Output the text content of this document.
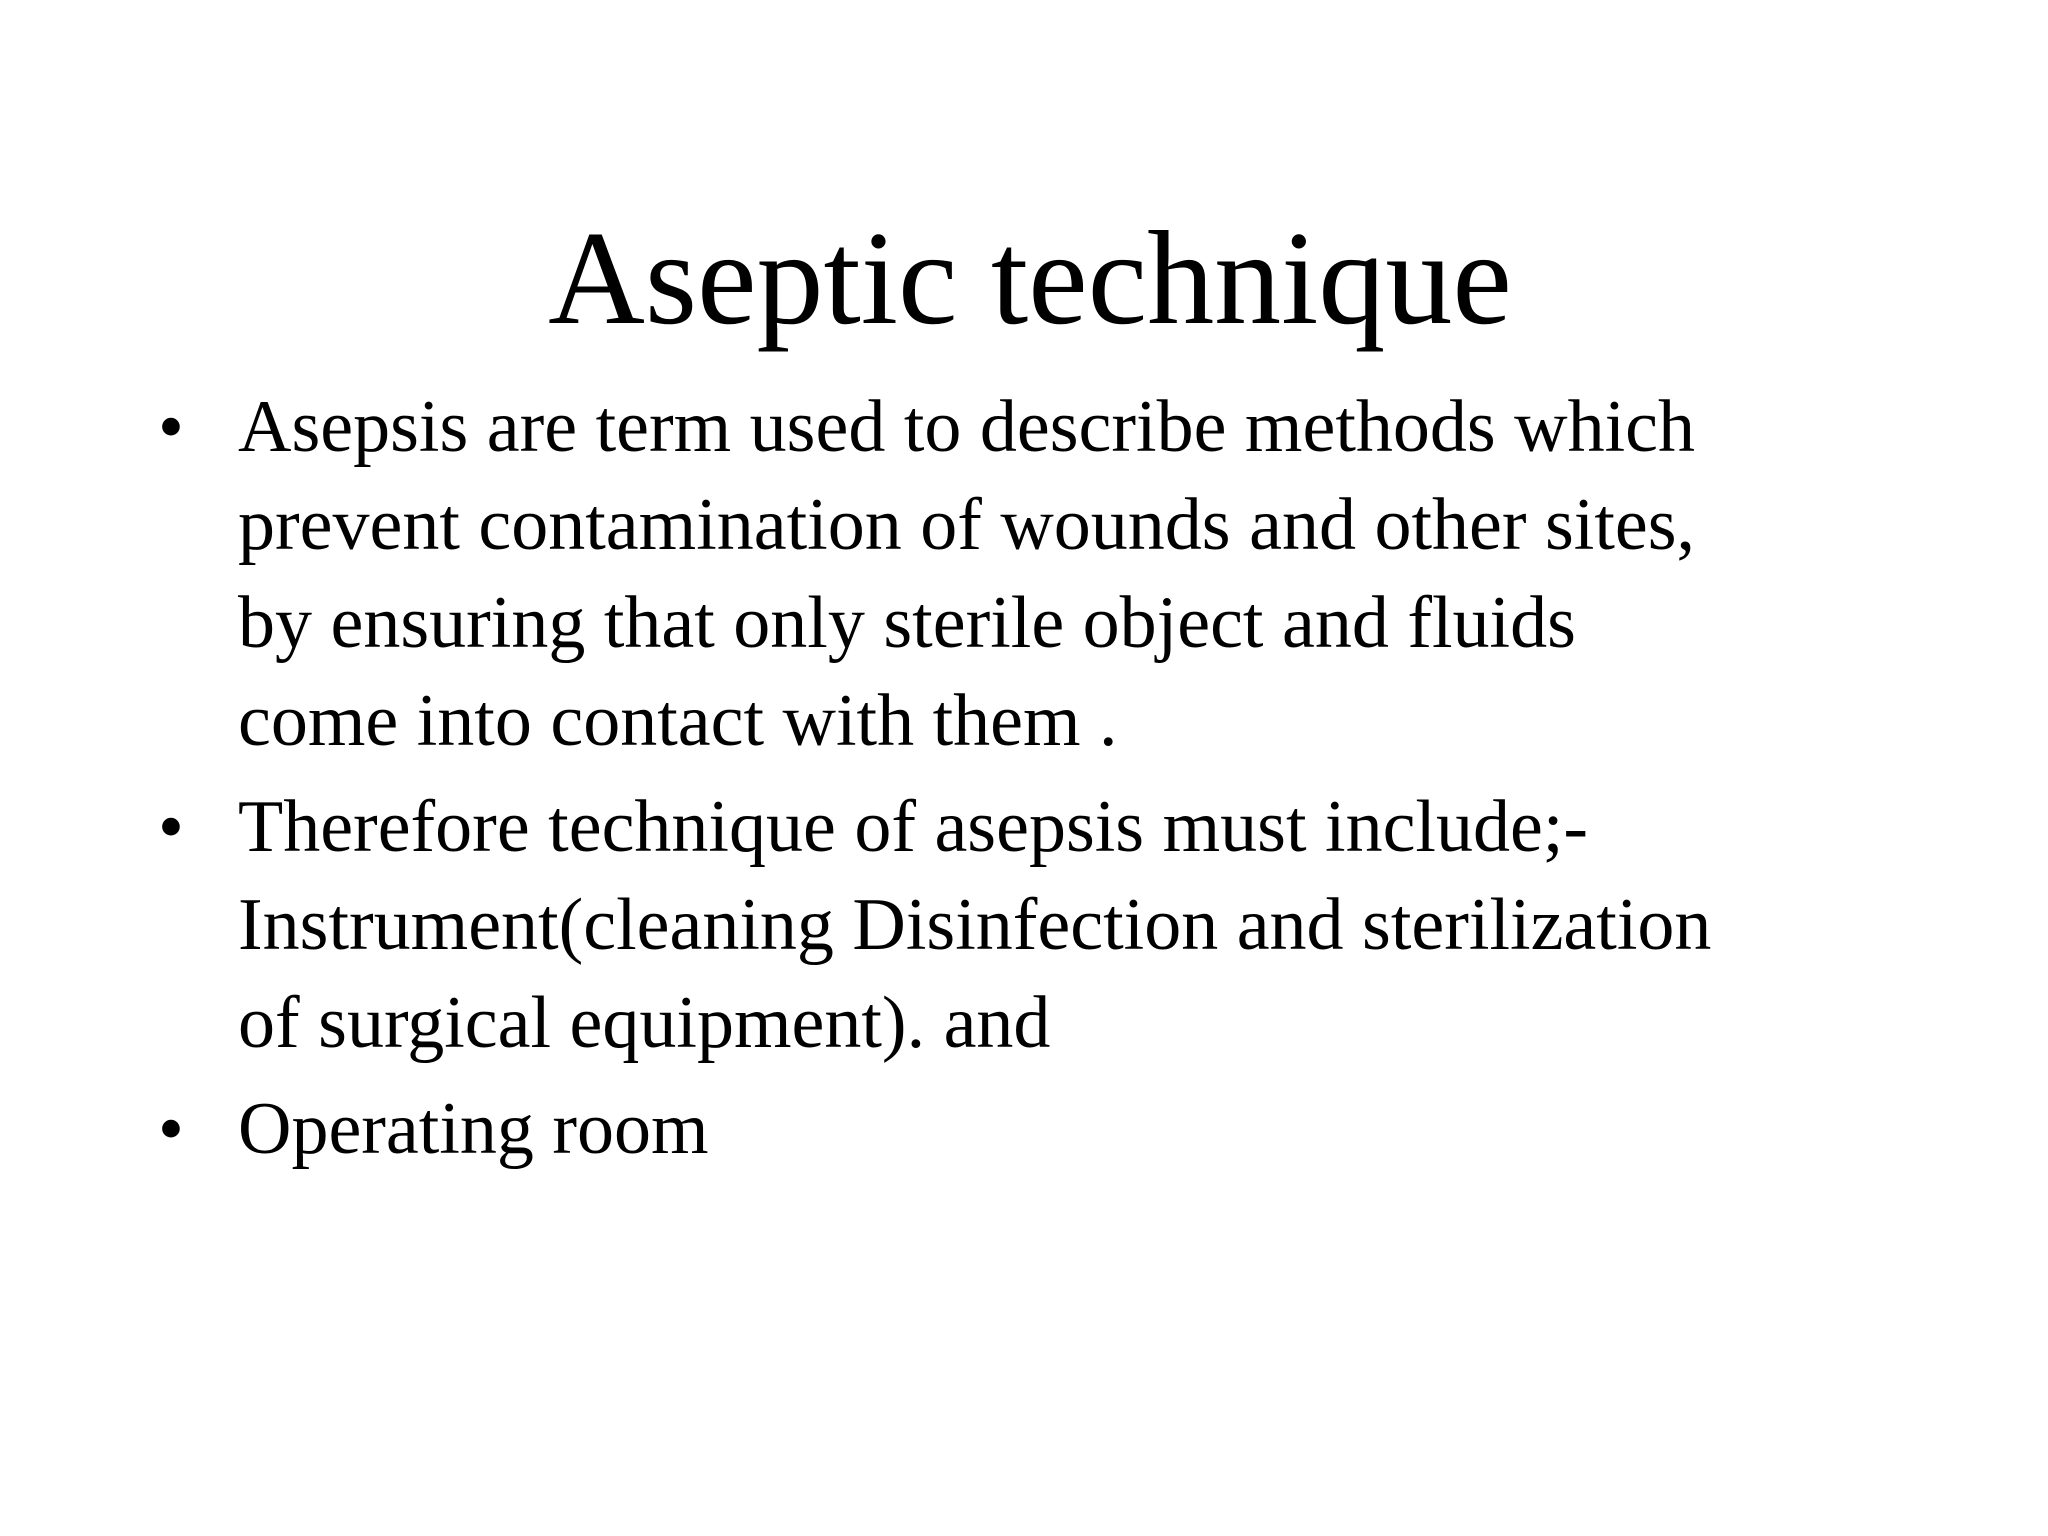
Aseptic technique
• Asepsis are term used to describe methods which
prevent contamination of wounds and other sites,
by ensuring that only sterile object and fluids
come into contact with them .
• Therefore technique of asepsis must include;-
Instrument(cleaning Disinfection and sterilization
of surgical equipment). and
• Operating room
